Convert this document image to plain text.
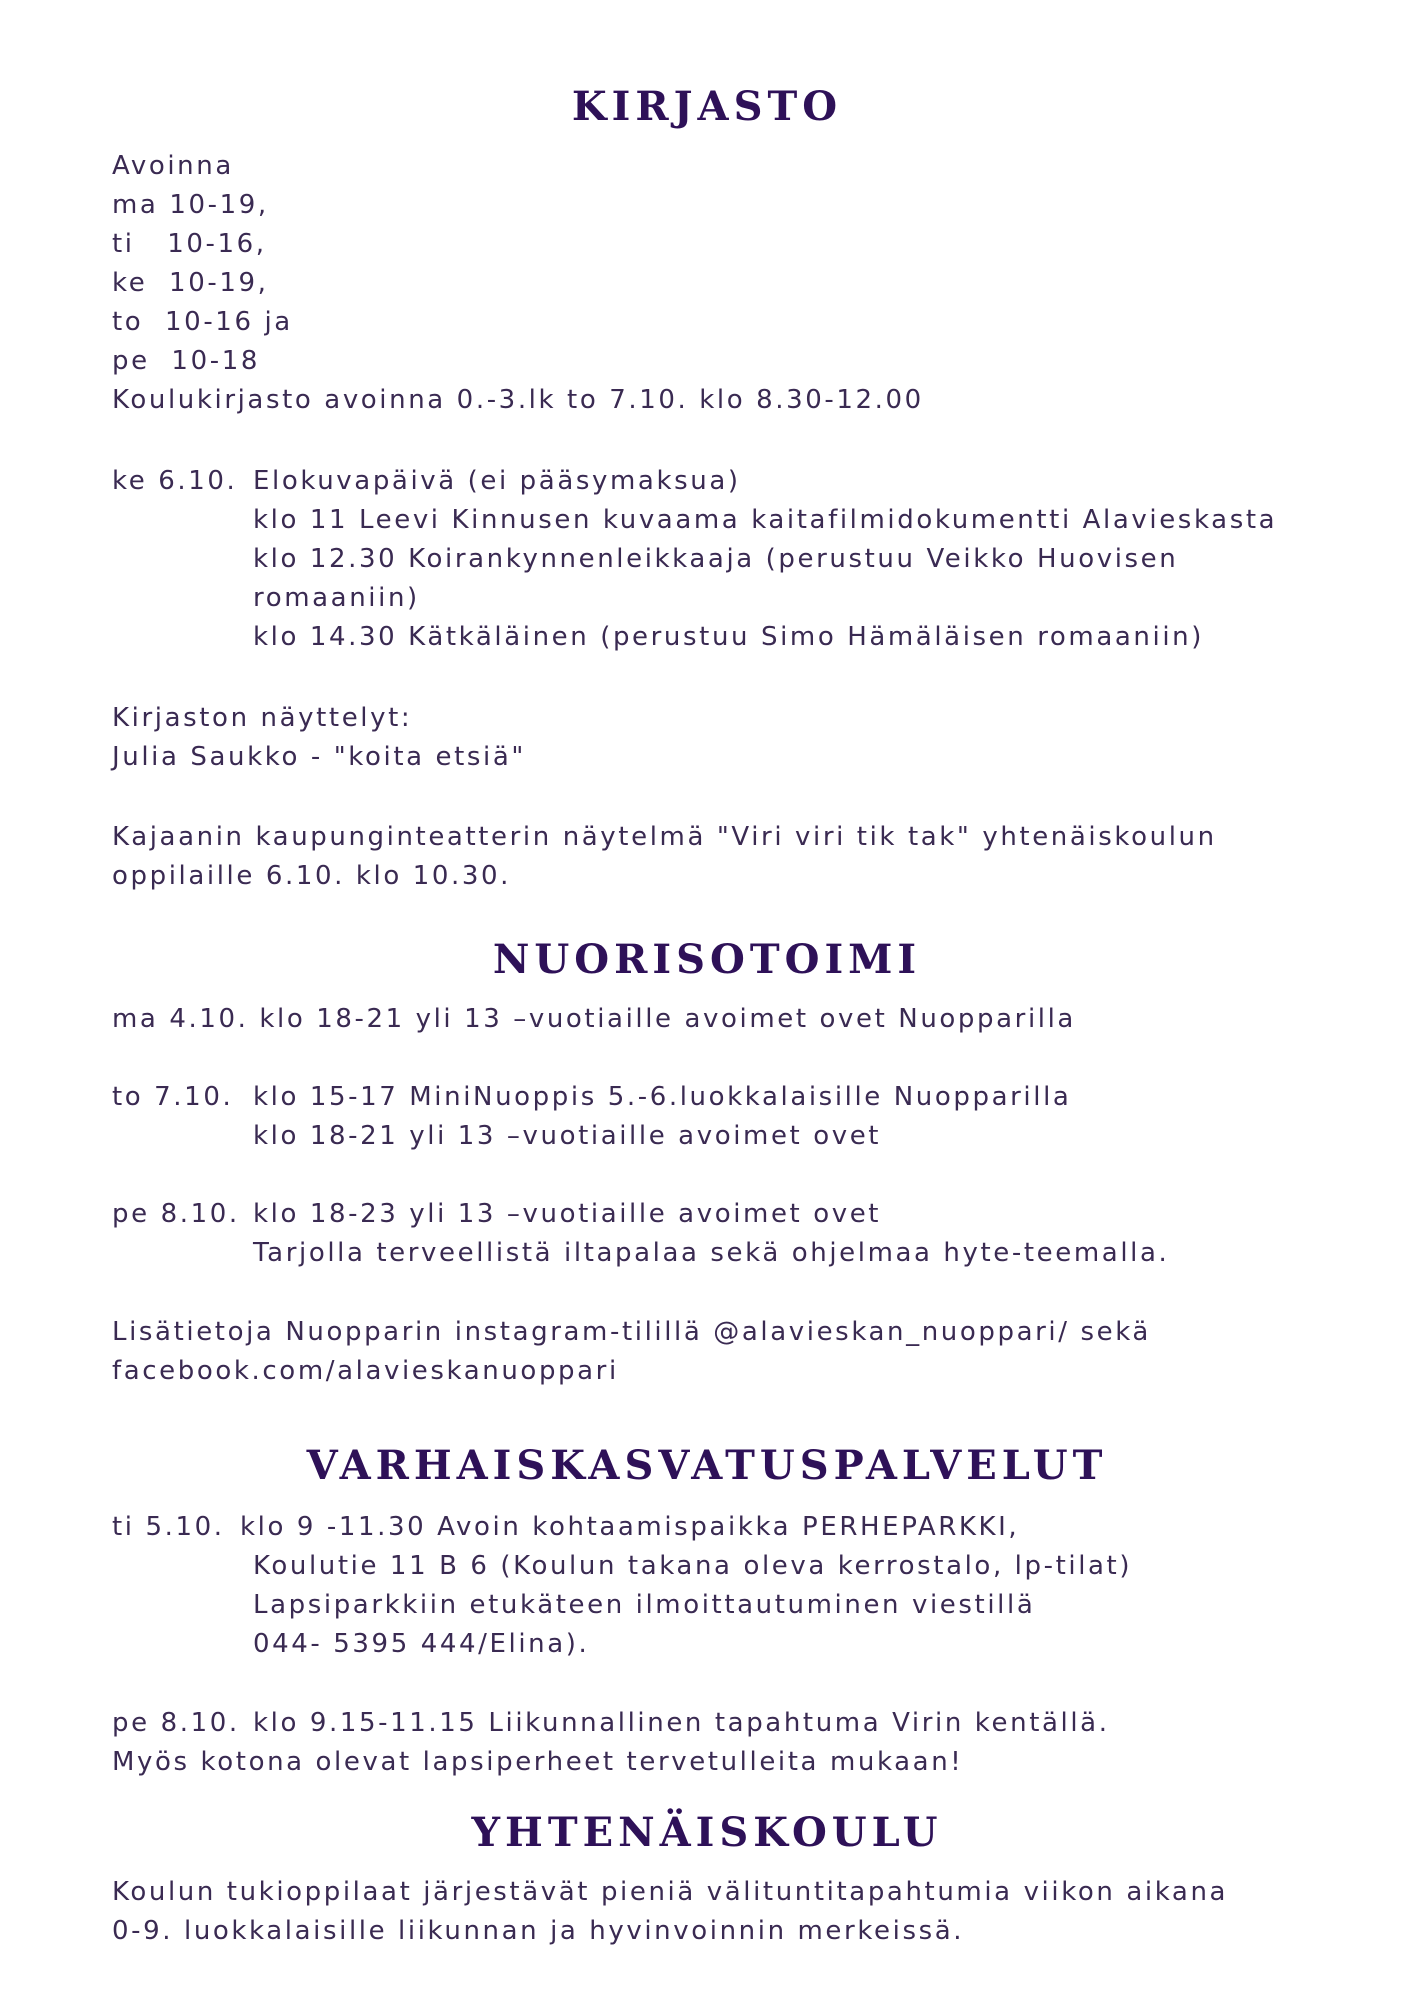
KIRJASTO
Avoinna
ma 10-19,
ti   10-16,
ke  10-19,
to  10-16 ja
pe  10-18
Koulukirjasto avoinna 0.-3.lk to 7.10. klo 8.30-12.00
ke 6.10. Elokuvapäivä (ei pääsymaksua)
klo 11 Leevi Kinnusen kuvaama kaitafilmidokumentti Alavieskasta
klo 12.30 Koirankynnenleikkaaja (perustuu Veikko Huovisen
romaaniin)
klo 14.30 Kätkäläinen (perustuu Simo Hämäläisen romaaniin)
Kirjaston näyttelyt:
Julia Saukko - "koita etsiä"
Kajaanin kaupunginteatterin näytelmä "Viri viri tik tak" yhtenäiskoulun
oppilaille 6.10. klo 10.30.
NUORISOTOIMI
ma 4.10. klo 18-21 yli 13 –vuotiaille avoimet ovet Nuopparilla
to 7.10. klo 15-17 MiniNuoppis 5.-6.luokkalaisille Nuopparilla
klo 18-21 yli 13 –vuotiaille avoimet ovet
pe 8.10. klo 18-23 yli 13 –vuotiaille avoimet ovet
Tarjolla terveellistä iltapalaa sekä ohjelmaa hyte-teemalla.
Lisätietoja Nuopparin instagram-tilillä @alavieskan_nuoppari/ sekä
facebook.com/alavieskanuoppari
VARHAISKASVATUSPALVELUT
ti 5.10. klo 9 -11.30 Avoin kohtaamispaikka PERHEPARKKI,
Koulutie 11 B 6 (Koulun takana oleva kerrostalo, lp-tilat)
Lapsiparkkiin etukäteen ilmoittautuminen viestillä
044- 5395 444/Elina).
pe 8.10. klo 9.15-11.15 Liikunnallinen tapahtuma Virin kentällä.
Myös kotona olevat lapsiperheet tervetulleita mukaan!
YHTENÄISKOULU
Koulun tukioppilaat järjestävät pieniä välituntitapahtumia viikon aikana
0-9. luokkalaisille liikunnan ja hyvinvoinnin merkeissä.
